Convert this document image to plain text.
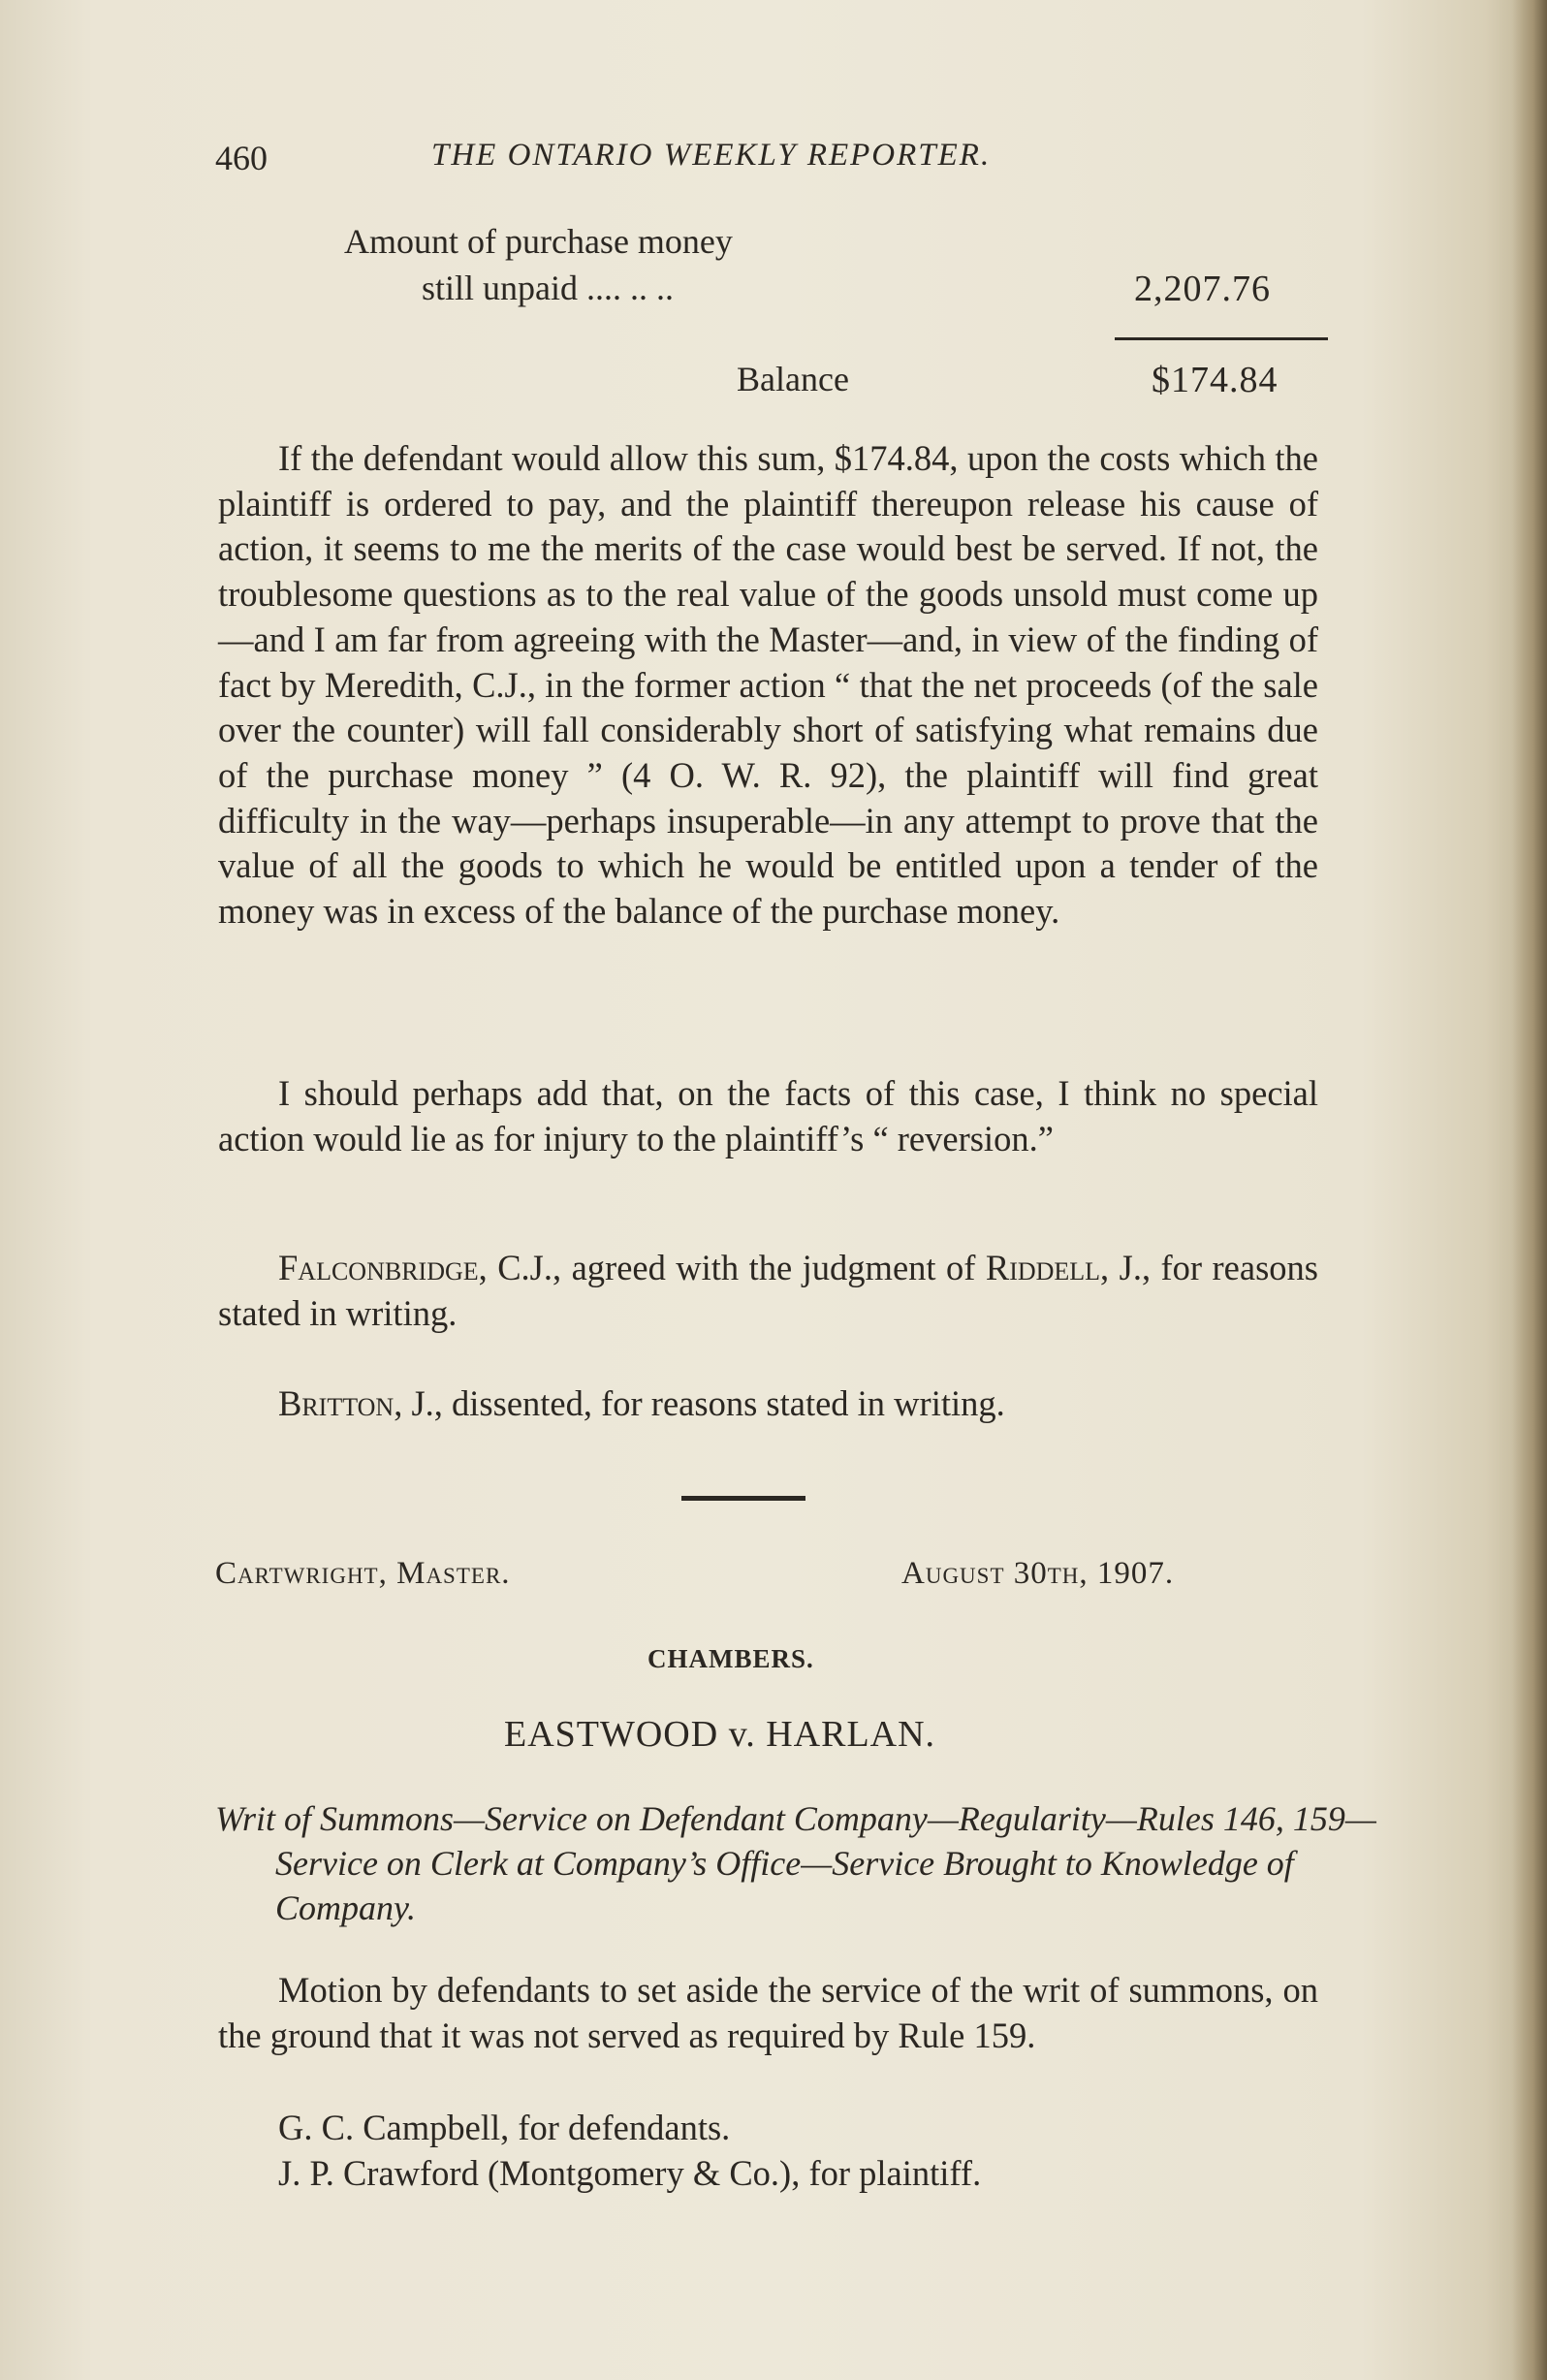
460	THE ONTARIO WEEKLY REPORTER.
Amount of purchase money
still unpaid .... .. ..	2,207.76
Balance	$174.84
If the defendant would allow this sum, $174.84, upon the costs which the plaintiff is ordered to pay, and the plaintiff thereupon release his cause of action, it seems to me the merits of the case would best be served. If not, the troublesome questions as to the real value of the goods unsold must come up—and I am far from agreeing with the Master—and, in view of the finding of fact by Meredith, C.J., in the former action “ that the net proceeds (of the sale over the counter) will fall considerably short of satisfying what remains due of the purchase money ” (4 O. W. R. 92), the plaintiff will find great difficulty in the way—perhaps insuperable—in any attempt to prove that the value of all the goods to which he would be entitled upon a tender of the money was in excess of the balance of the purchase money.
I should perhaps add that, on the facts of this case, I think no special action would lie as for injury to the plaintiff’s “ reversion.”
Falconbridge, C.J., agreed with the judgment of Riddell, J., for reasons stated in writing.
Britton, J., dissented, for reasons stated in writing.
Cartwright, Master.	August 30th, 1907.
CHAMBERS.
EASTWOOD v. HARLAN.
Writ of Summons—Service on Defendant Company—Regularity—Rules 146, 159—Service on Clerk at Company’s Office—Service Brought to Knowledge of Company.
Motion by defendants to set aside the service of the writ of summons, on the ground that it was not served as required by Rule 159.
G. C. Campbell, for defendants.
J. P. Crawford (Montgomery & Co.), for plaintiff.
